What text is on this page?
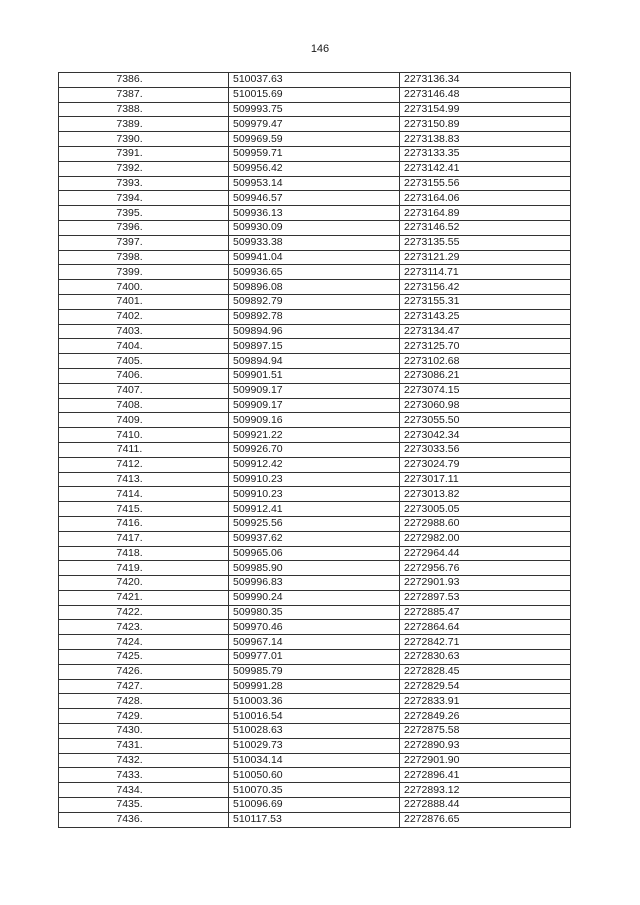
146
7386.	510037.63	2273136.34
7387.	510015.69	2273146.48
7388.	509993.75	2273154.99
7389.	509979.47	2273150.89
7390.	509969.59	2273138.83
7391.	509959.71	2273133.35
7392.	509956.42	2273142.41
7393.	509953.14	2273155.56
7394.	509946.57	2273164.06
7395.	509936.13	2273164.89
7396.	509930.09	2273146.52
7397.	509933.38	2273135.55
7398.	509941.04	2273121.29
7399.	509936.65	2273114.71
7400.	509896.08	2273156.42
7401.	509892.79	2273155.31
7402.	509892.78	2273143.25
7403.	509894.96	2273134.47
7404.	509897.15	2273125.70
7405.	509894.94	2273102.68
7406.	509901.51	2273086.21
7407.	509909.17	2273074.15
7408.	509909.17	2273060.98
7409.	509909.16	2273055.50
7410.	509921.22	2273042.34
7411.	509926.70	2273033.56
7412.	509912.42	2273024.79
7413.	509910.23	2273017.11
7414.	509910.23	2273013.82
7415.	509912.41	2273005.05
7416.	509925.56	2272988.60
7417.	509937.62	2272982.00
7418.	509965.06	2272964.44
7419.	509985.90	2272956.76
7420.	509996.83	2272901.93
7421.	509990.24	2272897.53
7422.	509980.35	2272885.47
7423.	509970.46	2272864.64
7424.	509967.14	2272842.71
7425.	509977.01	2272830.63
7426.	509985.79	2272828.45
7427.	509991.28	2272829.54
7428.	510003.36	2272833.91
7429.	510016.54	2272849.26
7430.	510028.63	2272875.58
7431.	510029.73	2272890.93
7432.	510034.14	2272901.90
7433.	510050.60	2272896.41
7434.	510070.35	2272893.12
7435.	510096.69	2272888.44
7436.	510117.53	2272876.65
